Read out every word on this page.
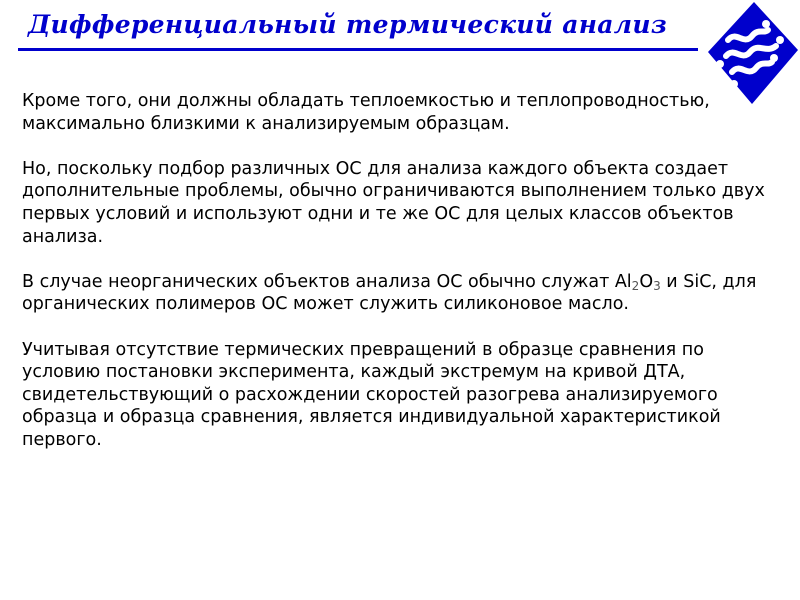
Дифференциальный термический анализ

Кроме того, они должны обладать теплоемкостью и теплопроводностью, максимально близкими к анализируемым образцам.

Но, поскольку подбор различных ОС для анализа каждого объекта создает дополнительные проблемы, обычно ограничиваются выполнением только двух первых условий и используют одни и те же ОС для целых классов объектов анализа.

В случае неорганических объектов анализа ОС обычно служат $Al_2O_3$ и SiC, для органических полимеров ОС может служить силиконовое масло.

Учитывая отсутствие термических превращений в образце сравнения по условию постановки эксперимента, каждый экстремум на кривой ДТА, свидетельствующий о расхождении скоростей разогрева анализируемого образца и образца сравнения, является индивидуальной характеристикой первого.
